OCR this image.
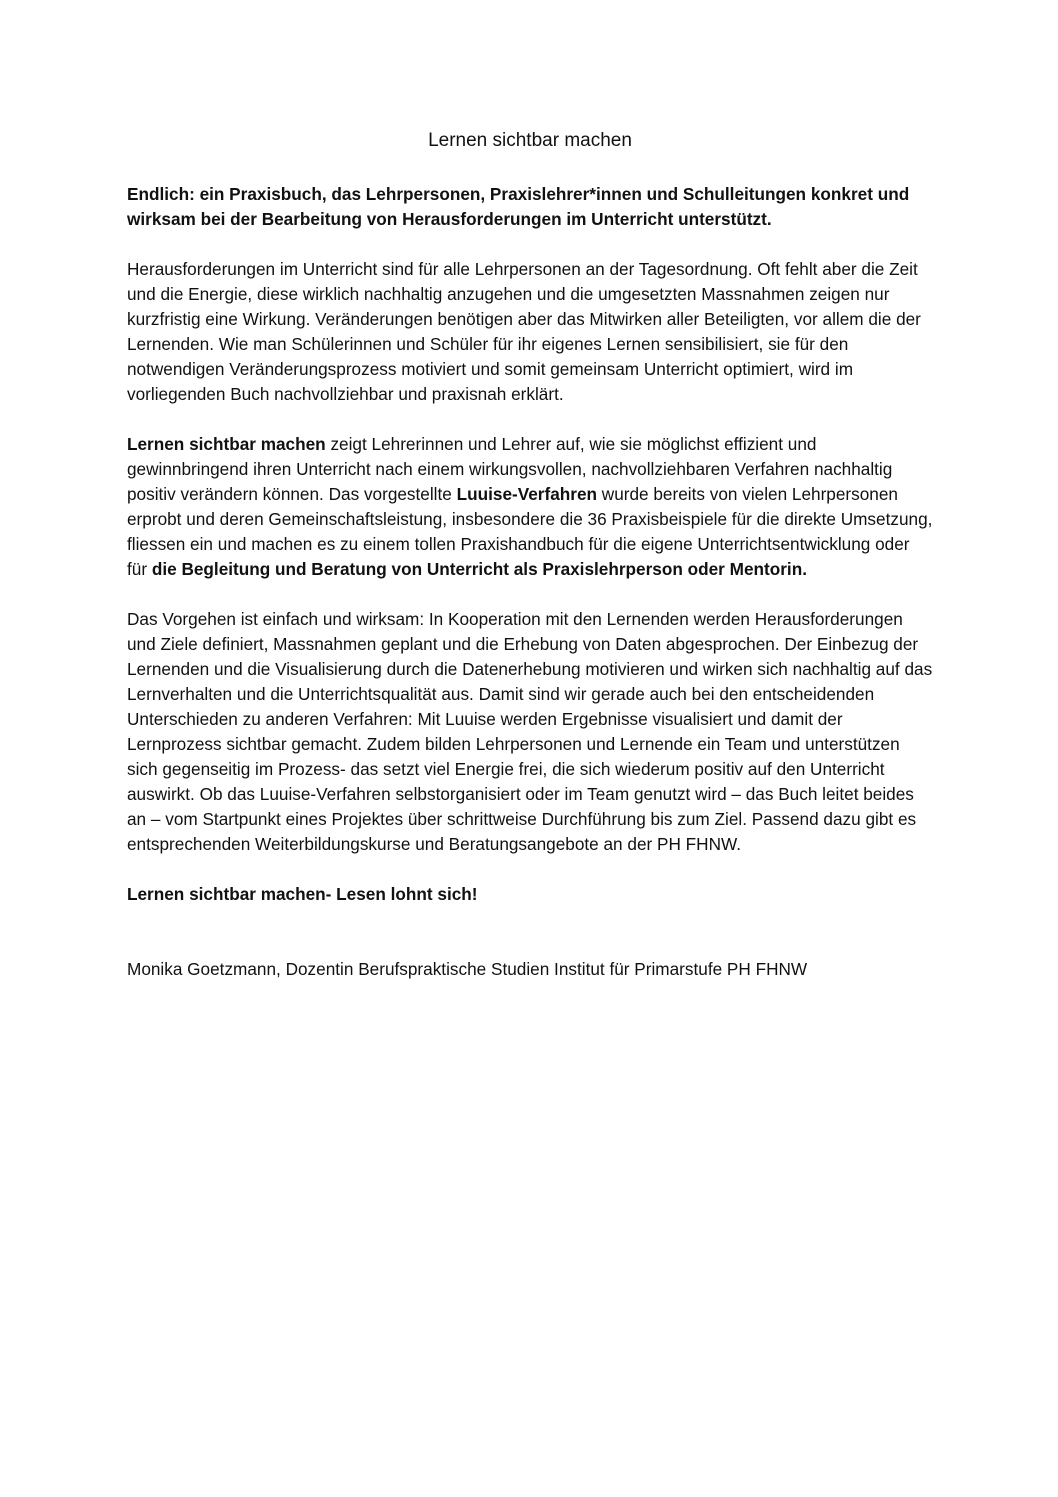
Lernen sichtbar machen

Endlich: ein Praxisbuch, das Lehrpersonen, Praxislehrer*innen und Schulleitungen konkret und wirksam bei der Bearbeitung von Herausforderungen im Unterricht unterstützt.

Herausforderungen im Unterricht sind für alle Lehrpersonen an der Tagesordnung. Oft fehlt aber die Zeit und die Energie, diese wirklich nachhaltig anzugehen und die umgesetzten Massnahmen zeigen nur kurzfristig eine Wirkung. Veränderungen benötigen aber das Mitwirken aller Beteiligten, vor allem die der Lernenden. Wie man Schülerinnen und Schüler für ihr eigenes Lernen sensibilisiert, sie für den notwendigen Veränderungsprozess motiviert und somit gemeinsam Unterricht optimiert, wird im vorliegenden Buch nachvollziehbar und praxisnah erklärt.

Lernen sichtbar machen zeigt Lehrerinnen und Lehrer auf, wie sie möglichst effizient und gewinnbringend ihren Unterricht nach einem wirkungsvollen, nachvollziehbaren Verfahren nachhaltig positiv verändern können. Das vorgestellte Luuise-Verfahren wurde bereits von vielen Lehrpersonen erprobt und deren Gemeinschaftsleistung, insbesondere die 36 Praxisbeispiele für die direkte Umsetzung, fliessen ein und machen es zu einem tollen Praxishandbuch für die eigene Unterrichtsentwicklung oder für die Begleitung und Beratung von Unterricht als Praxislehrperson oder Mentorin.

Das Vorgehen ist einfach und wirksam: In Kooperation mit den Lernenden werden Herausforderungen und Ziele definiert, Massnahmen geplant und die Erhebung von Daten abgesprochen. Der Einbezug der Lernenden und die Visualisierung durch die Datenerhebung motivieren und wirken sich nachhaltig auf das Lernverhalten und die Unterrichtsqualität aus. Damit sind wir gerade auch bei den entscheidenden Unterschieden zu anderen Verfahren: Mit Luuise werden Ergebnisse visualisiert und damit der Lernprozess sichtbar gemacht. Zudem bilden Lehrpersonen und Lernende ein Team und unterstützen sich gegenseitig im Prozess- das setzt viel Energie frei, die sich wiederum positiv auf den Unterricht auswirkt. Ob das Luuise-Verfahren selbstorganisiert oder im Team genutzt wird – das Buch leitet beides an – vom Startpunkt eines Projektes über schrittweise Durchführung bis zum Ziel. Passend dazu gibt es entsprechenden Weiterbildungskurse und Beratungsangebote an der PH FHNW.

Lernen sichtbar machen- Lesen lohnt sich!

Monika Goetzmann, Dozentin Berufspraktische Studien Institut für Primarstufe PH FHNW
